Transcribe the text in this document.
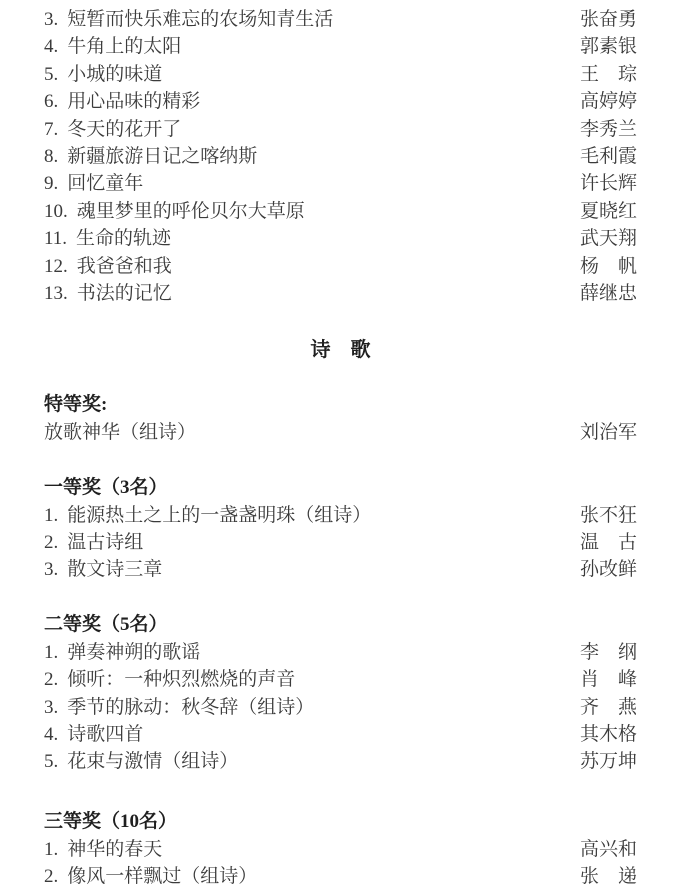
3. 短暂而快乐难忘的农场知青生活	张奋勇
4. 牛角上的太阳	郭素银
5. 小城的味道	王　琮
6. 用心品味的精彩	高婷婷
7. 冬天的花开了	李秀兰
8. 新疆旅游日记之喀纳斯	毛利霞
9. 回忆童年	许长辉
10. 魂里梦里的呼伦贝尔大草原	夏晓红
11. 生命的轨迹	武天翔
12. 我爸爸和我	杨　帆
13. 书法的记忆	薛继忠
诗　歌
特等奖:
放歌神华（组诗）	刘治军
一等奖（3名）
1. 能源热土之上的一盏盏明珠（组诗）	张不狂
2. 温古诗组	温　古
3. 散文诗三章	孙改鲜
二等奖（5名）
1. 弹奏神朔的歌谣	李　纲
2. 倾听：一种炽烈燃烧的声音	肖　峰
3. 季节的脉动：秋冬辞（组诗）	齐　燕
4. 诗歌四首	其木格
5. 花束与激情（组诗）	苏万坤
三等奖（10名）
1. 神华的春天	高兴和
2. 像风一样飘过（组诗）	张　递
